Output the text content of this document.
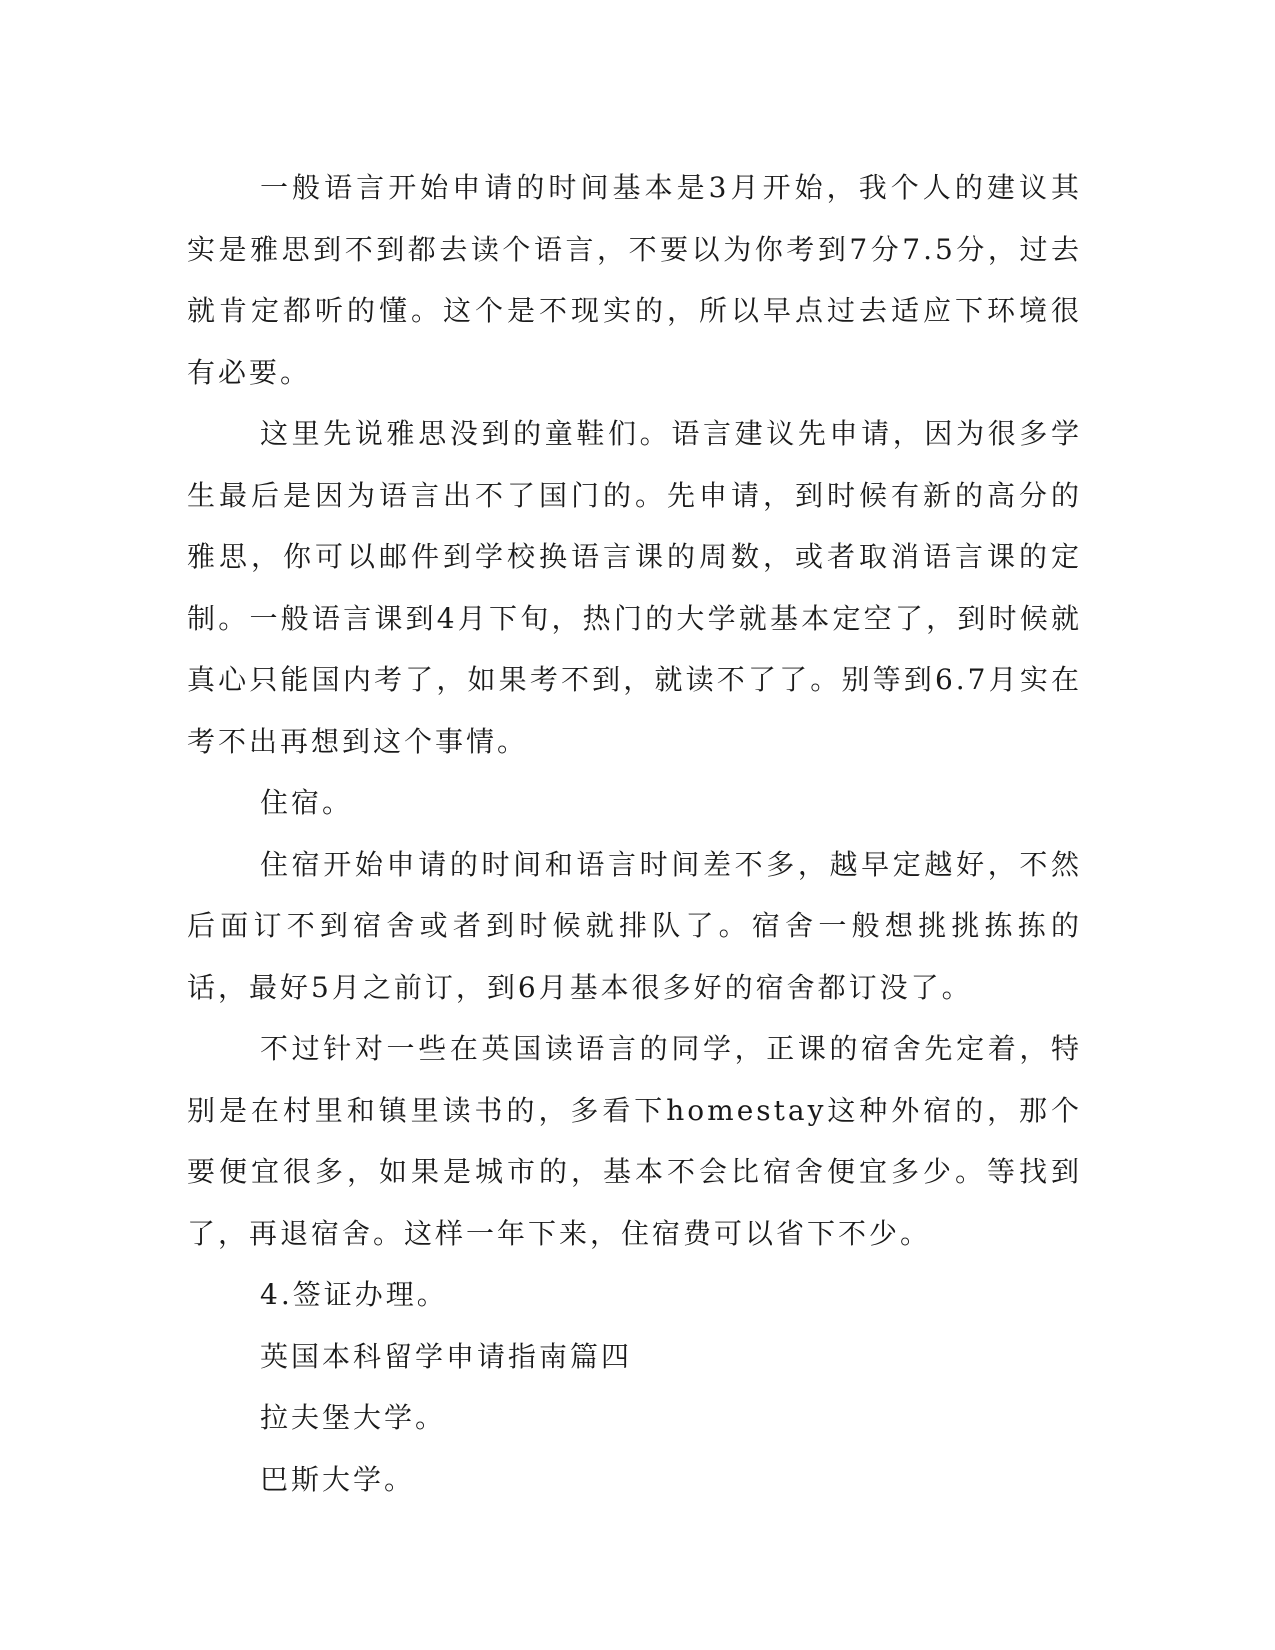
一般语言开始申请的时间基本是3月开始，我个人的建议其实是雅思到不到都去读个语言，不要以为你考到7分7.5分，过去就肯定都听的懂。这个是不现实的，所以早点过去适应下环境很有必要。

这里先说雅思没到的童鞋们。语言建议先申请，因为很多学生最后是因为语言出不了国门的。先申请，到时候有新的高分的雅思，你可以邮件到学校换语言课的周数，或者取消语言课的定制。一般语言课到4月下旬，热门的大学就基本定空了，到时候就真心只能国内考了，如果考不到，就读不了了。别等到6.7月实在考不出再想到这个事情。

住宿。

住宿开始申请的时间和语言时间差不多，越早定越好，不然后面订不到宿舍或者到时候就排队了。宿舍一般想挑挑拣拣的话，最好5月之前订，到6月基本很多好的宿舍都订没了。

不过针对一些在英国读语言的同学，正课的宿舍先定着，特别是在村里和镇里读书的，多看下homestay这种外宿的，那个要便宜很多，如果是城市的，基本不会比宿舍便宜多少。等找到了，再退宿舍。这样一年下来，住宿费可以省下不少。

4.签证办理。

英国本科留学申请指南篇四

拉夫堡大学。

巴斯大学。
